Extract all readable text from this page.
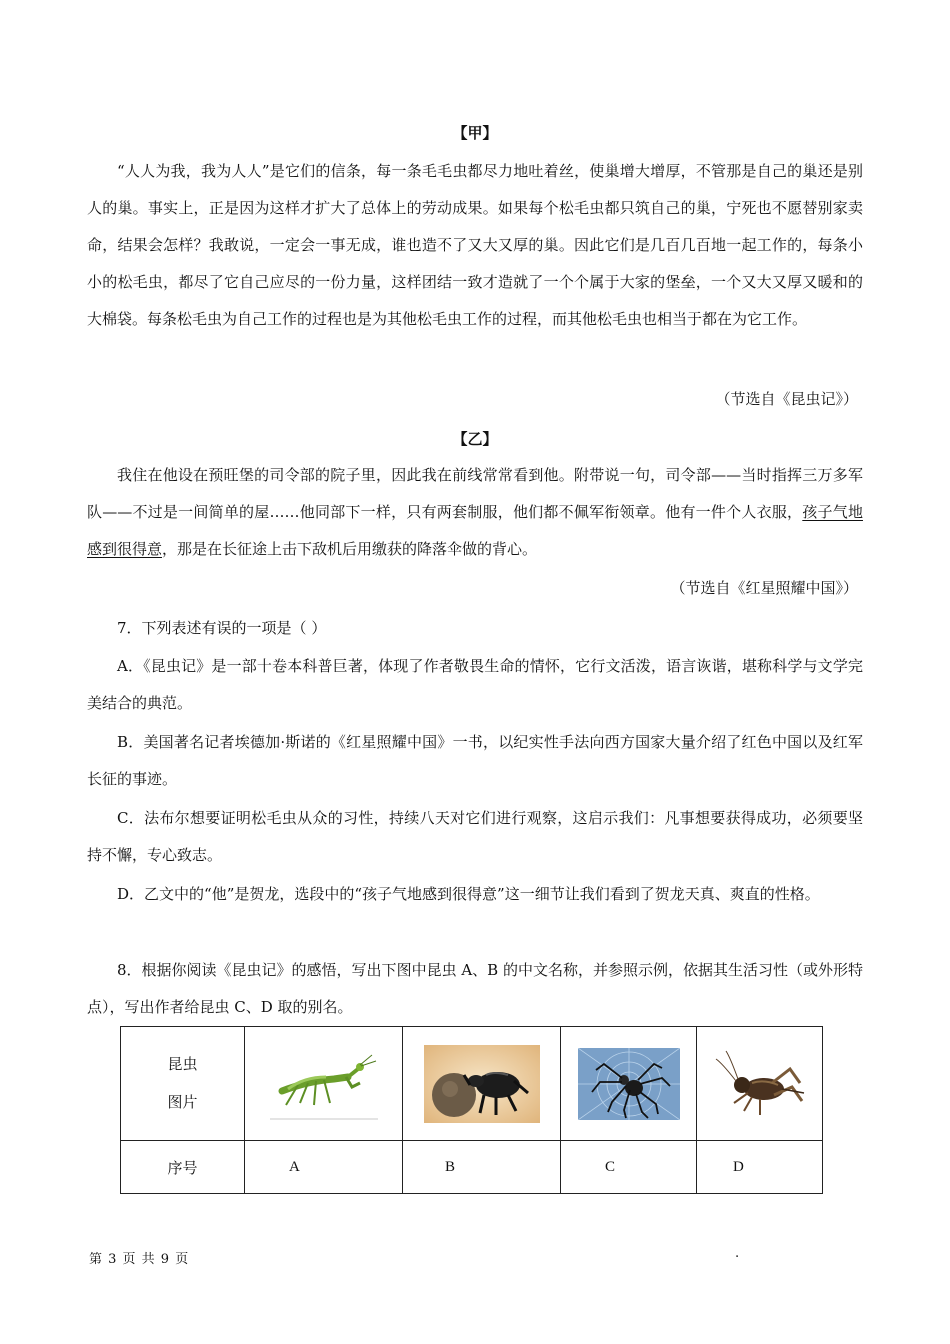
【甲】

“人人为我，我为人人”是它们的信条，每一条毛毛虫都尽力地吐着丝，使巢增大增厚，不管那是自己的巢还是别人的巢。事实上，正是因为这样才扩大了总体上的劳动成果。如果每个松毛虫都只筑自己的巢，宁死也不愿替别家卖命，结果会怎样？我敢说，一定会一事无成，谁也造不了又大又厚的巢。因此它们是几百几百地一起工作的，每条小小的松毛虫，都尽了它自己应尽的一份力量，这样团结一致才造就了一个个属于大家的堡垒，一个又大又厚又暖和的大棉袋。每条松毛虫为自己工作的过程也是为其他松毛虫工作的过程，而其他松毛虫也相当于都在为它工作。

（节选自《昆虫记》）
【乙】

我住在他设在预旺堡的司令部的院子里，因此我在前线常常看到他。附带说一句，司令部——当时指挥三万多军队——不过是一间简单的屋……他同部下一样，只有两套制服，他们都不佩军衔领章。他有一件个人衣服，孩子气地感到很得意，那是在长征途上击下敌机后用缴获的降落伞做的背心。

（节选自《红星照耀中国》）

7．下列表述有误的一项是（ ）

A．《昆虫记》是一部十卷本科普巨著，体现了作者敬畏生命的情怀，它行文活泼，语言诙谐，堪称科学与文学完美结合的典范。

B．美国著名记者埃德加·斯诺的《红星照耀中国》一书，以纪实性手法向西方国家大量介绍了红色中国以及红军长征的事迹。

C．法布尔想要证明松毛虫从众的习性，持续八天对它们进行观察，这启示我们：凡事想要获得成功，必须要坚持不懈，专心致志。

D．乙文中的“他”是贺龙，选段中的“孩子气地感到很得意”这一细节让我们看到了贺龙天真、爽直的性格。

8．根据你阅读《昆虫记》的感悟，写出下图中昆虫 A、B 的中文名称，并参照示例，依据其生活习性（或外形特点），写出作者给昆虫 C、D 取的别名。

昆虫
图片

序号	A	B	C	D
第 3 页 共 9 页	.
